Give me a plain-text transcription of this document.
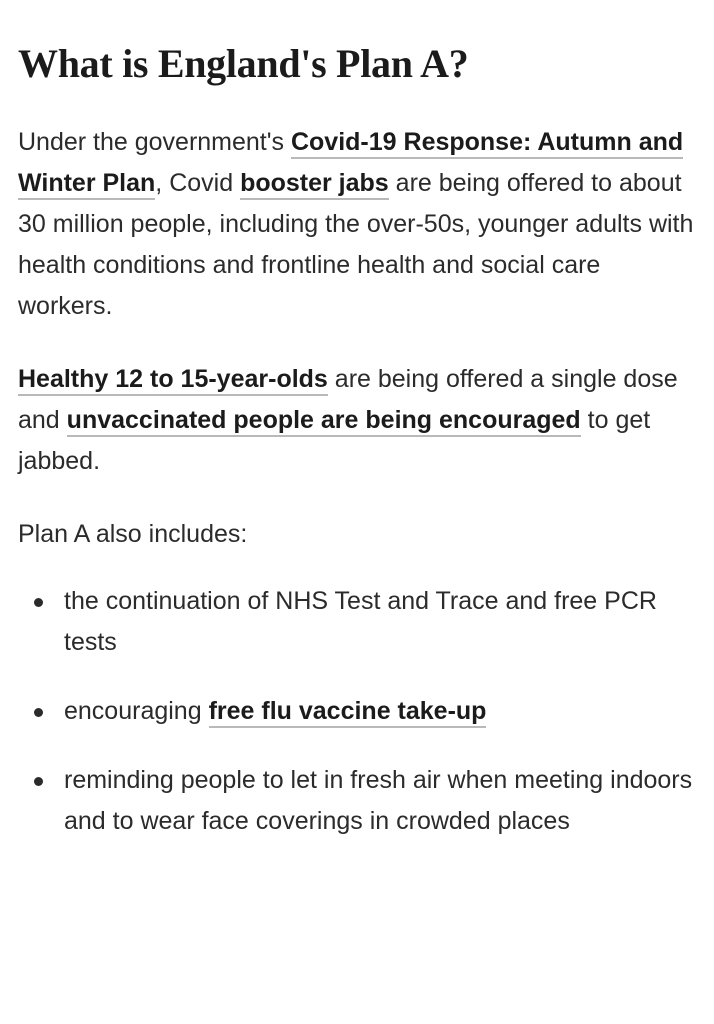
What is England's Plan A?

Under the government's Covid-19 Response: Autumn and Winter Plan, Covid booster jabs are being offered to about 30 million people, including the over-50s, younger adults with health conditions and frontline health and social care workers.

Healthy 12 to 15-year-olds are being offered a single dose and unvaccinated people are being encouraged to get jabbed.

Plan A also includes:

the continuation of NHS Test and Trace and free PCR tests
encouraging free flu vaccine take-up
reminding people to let in fresh air when meeting indoors and to wear face coverings in crowded places
